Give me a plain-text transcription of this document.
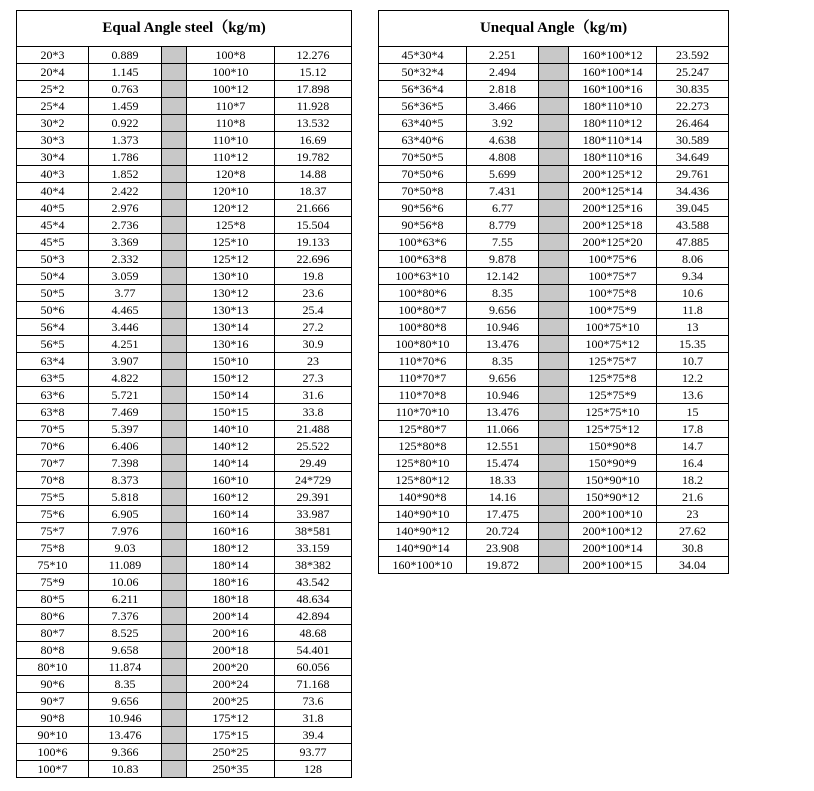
Equal Angle steel（kg/m)				
20*3	0.889		100*8	12.276
20*4	1.145		100*10	15.12
25*2	0.763		100*12	17.898
25*4	1.459		110*7	11.928
30*2	0.922		110*8	13.532
30*3	1.373		110*10	16.69
30*4	1.786		110*12	19.782
40*3	1.852		120*8	14.88
40*4	2.422		120*10	18.37
40*5	2.976		120*12	21.666
45*4	2.736		125*8	15.504
45*5	3.369		125*10	19.133
50*3	2.332		125*12	22.696
50*4	3.059		130*10	19.8
50*5	3.77		130*12	23.6
50*6	4.465		130*13	25.4
56*4	3.446		130*14	27.2
56*5	4.251		130*16	30.9
63*4	3.907		150*10	23
63*5	4.822		150*12	27.3
63*6	5.721		150*14	31.6
63*8	7.469		150*15	33.8
70*5	5.397		140*10	21.488
70*6	6.406		140*12	25.522
70*7	7.398		140*14	29.49
70*8	8.373		160*10	24*729
75*5	5.818		160*12	29.391
75*6	6.905		160*14	33.987
75*7	7.976		160*16	38*581
75*8	9.03		180*12	33.159
75*10	11.089		180*14	38*382
75*9	10.06		180*16	43.542
80*5	6.211		180*18	48.634
80*6	7.376		200*14	42.894
80*7	8.525		200*16	48.68
80*8	9.658		200*18	54.401
80*10	11.874		200*20	60.056
90*6	8.35		200*24	71.168
90*7	9.656		200*25	73.6
90*8	10.946		175*12	31.8
90*10	13.476		175*15	39.4
100*6	9.366		250*25	93.77
100*7	10.83		250*35	128
Unequal Angle（kg/m)				
45*30*4	2.251		160*100*12	23.592
50*32*4	2.494		160*100*14	25.247
56*36*4	2.818		160*100*16	30.835
56*36*5	3.466		180*110*10	22.273
63*40*5	3.92		180*110*12	26.464
63*40*6	4.638		180*110*14	30.589
70*50*5	4.808		180*110*16	34.649
70*50*6	5.699		200*125*12	29.761
70*50*8	7.431		200*125*14	34.436
90*56*6	6.77		200*125*16	39.045
90*56*8	8.779		200*125*18	43.588
100*63*6	7.55		200*125*20	47.885
100*63*8	9.878		100*75*6	8.06
100*63*10	12.142		100*75*7	9.34
100*80*6	8.35		100*75*8	10.6
100*80*7	9.656		100*75*9	11.8
100*80*8	10.946		100*75*10	13
100*80*10	13.476		100*75*12	15.35
110*70*6	8.35		125*75*7	10.7
110*70*7	9.656		125*75*8	12.2
110*70*8	10.946		125*75*9	13.6
110*70*10	13.476		125*75*10	15
125*80*7	11.066		125*75*12	17.8
125*80*8	12.551		150*90*8	14.7
125*80*10	15.474		150*90*9	16.4
125*80*12	18.33		150*90*10	18.2
140*90*8	14.16		150*90*12	21.6
140*90*10	17.475		200*100*10	23
140*90*12	20.724		200*100*12	27.62
140*90*14	23.908		200*100*14	30.8
160*100*10	19.872		200*100*15	34.04
